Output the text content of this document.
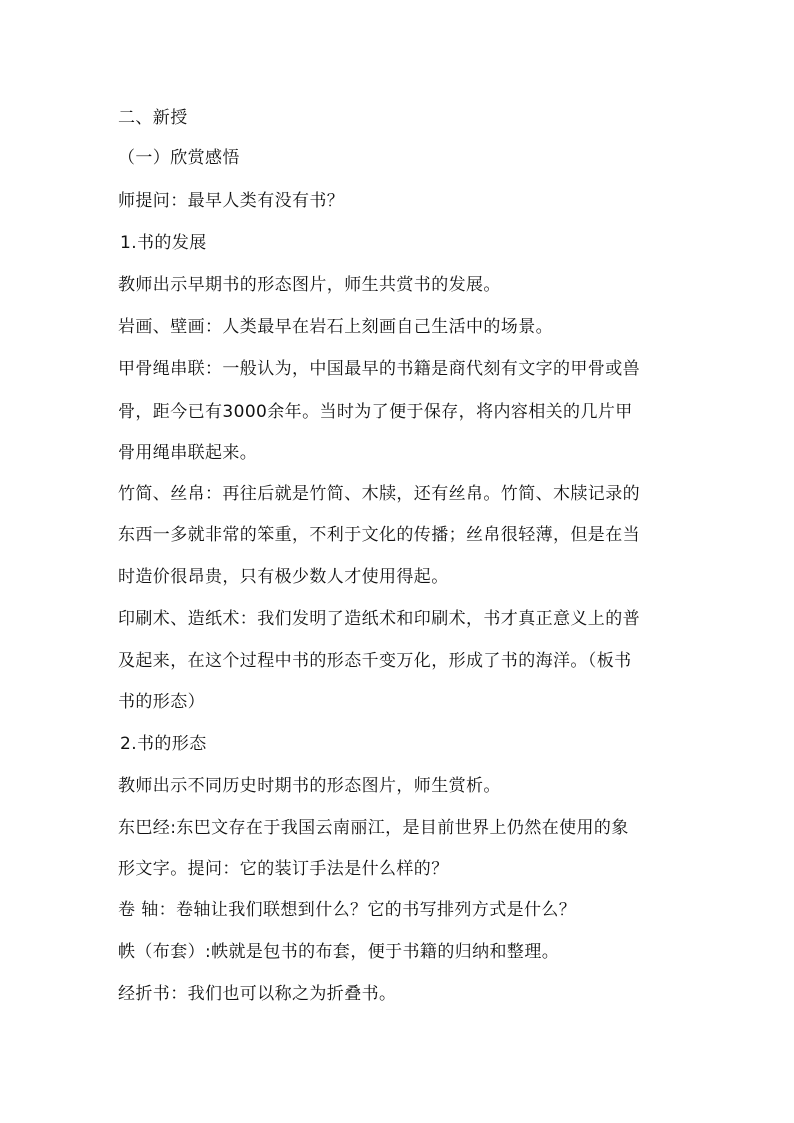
二、新授
（一）欣赏感悟
师提问：最早人类有没有书？
1.书的发展
教师出示早期书的形态图片，师生共赏书的发展。
岩画、壁画：人类最早在岩石上刻画自己生活中的场景。
甲骨绳串联：一般认为，中国最早的书籍是商代刻有文字的甲骨或兽
骨，距今已有3000余年。当时为了便于保存，将内容相关的几片甲
骨用绳串联起来。
竹简、丝帛：再往后就是竹简、木牍，还有丝帛。竹简、木牍记录的
东西一多就非常的笨重，不利于文化的传播；丝帛很轻薄，但是在当
时造价很昂贵，只有极少数人才使用得起。
印刷术、造纸术：我们发明了造纸术和印刷术，书才真正意义上的普
及起来，在这个过程中书的形态千变万化，形成了书的海洋。（板书
书的形态）
2.书的形态
教师出示不同历史时期书的形态图片，师生赏析。
东巴经:东巴文存在于我国云南丽江，是目前世界上仍然在使用的象
形文字。提问：它的装订手法是什么样的？
卷 轴：卷轴让我们联想到什么？它的书写排列方式是什么？
帙（布套）:帙就是包书的布套，便于书籍的归纳和整理。
经折书：我们也可以称之为折叠书。
